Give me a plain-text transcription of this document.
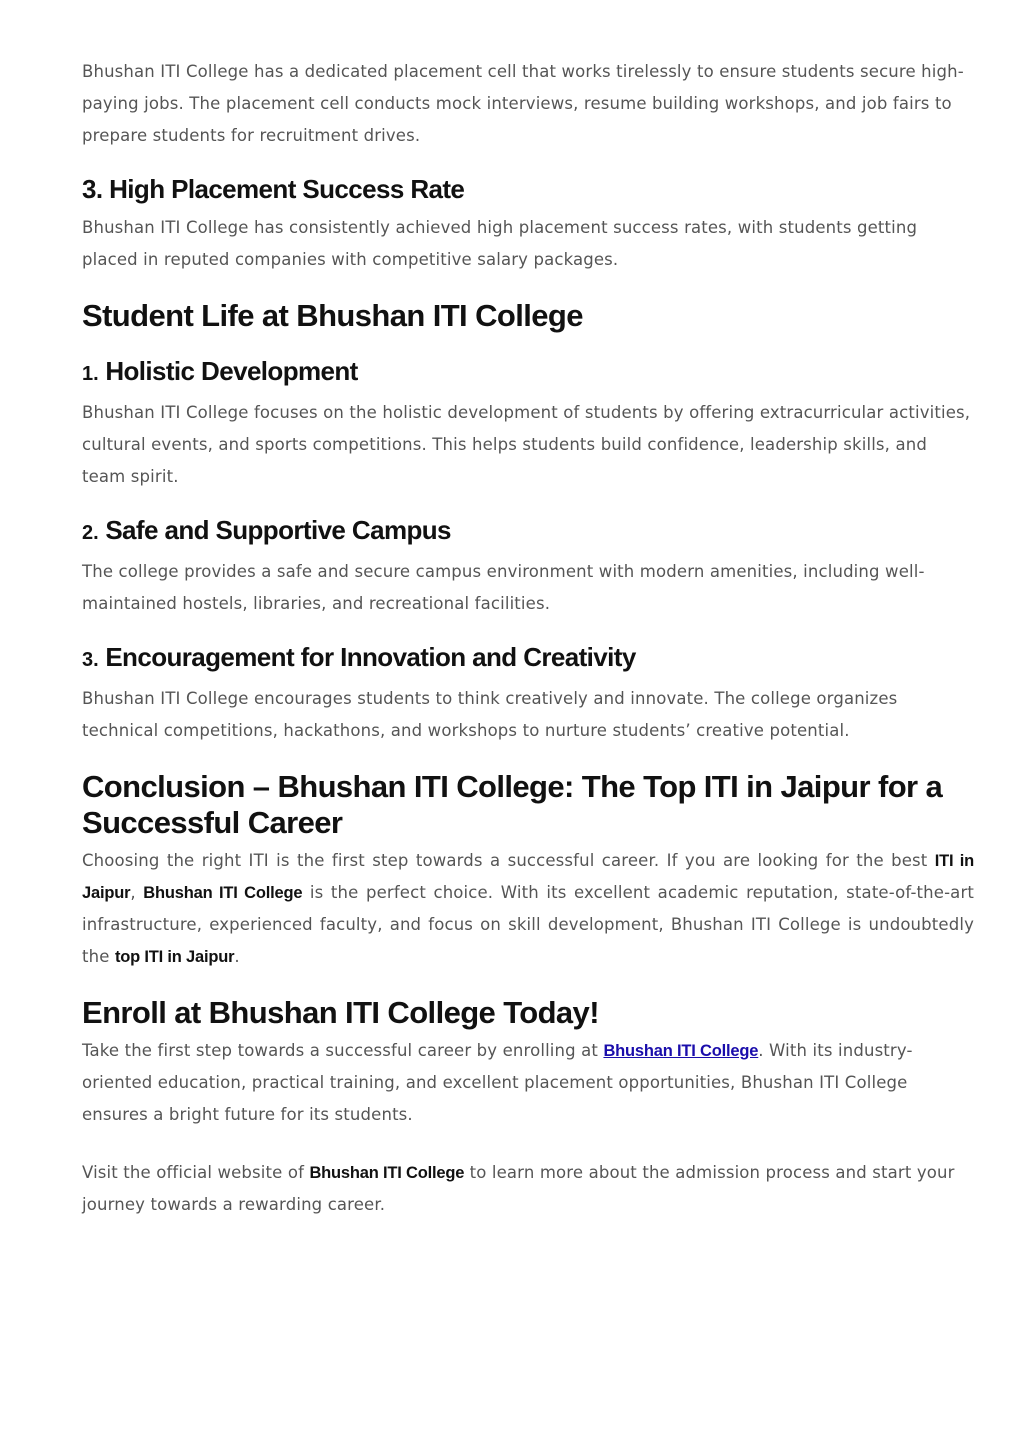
Bhushan ITI College has a dedicated placement cell that works tirelessly to ensure students secure high-paying jobs. The placement cell conducts mock interviews, resume building workshops, and job fairs to prepare students for recruitment drives.

3. High Placement Success Rate

Bhushan ITI College has consistently achieved high placement success rates, with students getting placed in reputed companies with competitive salary packages.

Student Life at Bhushan ITI College
1. Holistic Development

Bhushan ITI College focuses on the holistic development of students by offering extracurricular activities, cultural events, and sports competitions. This helps students build confidence, leadership skills, and team spirit.

2. Safe and Supportive Campus

The college provides a safe and secure campus environment with modern amenities, including well-maintained hostels, libraries, and recreational facilities.

3. Encouragement for Innovation and Creativity

Bhushan ITI College encourages students to think creatively and innovate. The college organizes technical competitions, hackathons, and workshops to nurture students’ creative potential.

Conclusion – Bhushan ITI College: The Top ITI in Jaipur for a Successful Career

Choosing the right ITI is the first step towards a successful career. If you are looking for the best ITI in Jaipur, Bhushan ITI College is the perfect choice. With its excellent academic reputation, state-of-the-art infrastructure, experienced faculty, and focus on skill development, Bhushan ITI College is undoubtedly the top ITI in Jaipur.

Enroll at Bhushan ITI College Today!

Take the first step towards a successful career by enrolling at Bhushan ITI College. With its industry-oriented education, practical training, and excellent placement opportunities, Bhushan ITI College ensures a bright future for its students.

Visit the official website of Bhushan ITI College to learn more about the admission process and start your journey towards a rewarding career.
